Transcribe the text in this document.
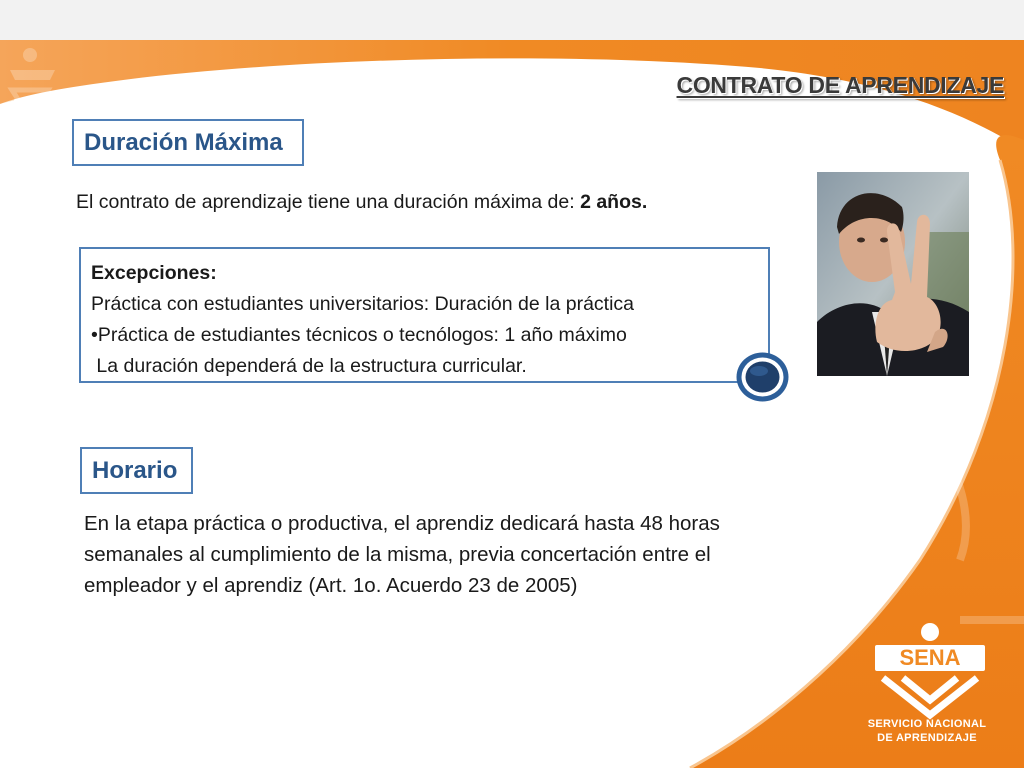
CONTRATO DE APRENDIZAJE
Duración Máxima
El contrato de aprendizaje tiene una duración máxima de: 2 años.
Excepciones:
Práctica con estudiantes universitarios: Duración de la práctica
•Práctica de estudiantes técnicos o tecnólogos: 1 año máximo
La duración dependerá de la estructura curricular.
Horario
En la etapa práctica o productiva, el aprendiz dedicará hasta 48 horas
semanales al cumplimiento de la misma, previa concertación entre el
empleador y el aprendiz (Art. 1o. Acuerdo 23 de 2005)
SENA
SERVICIO NACIONAL
DE APRENDIZAJE
